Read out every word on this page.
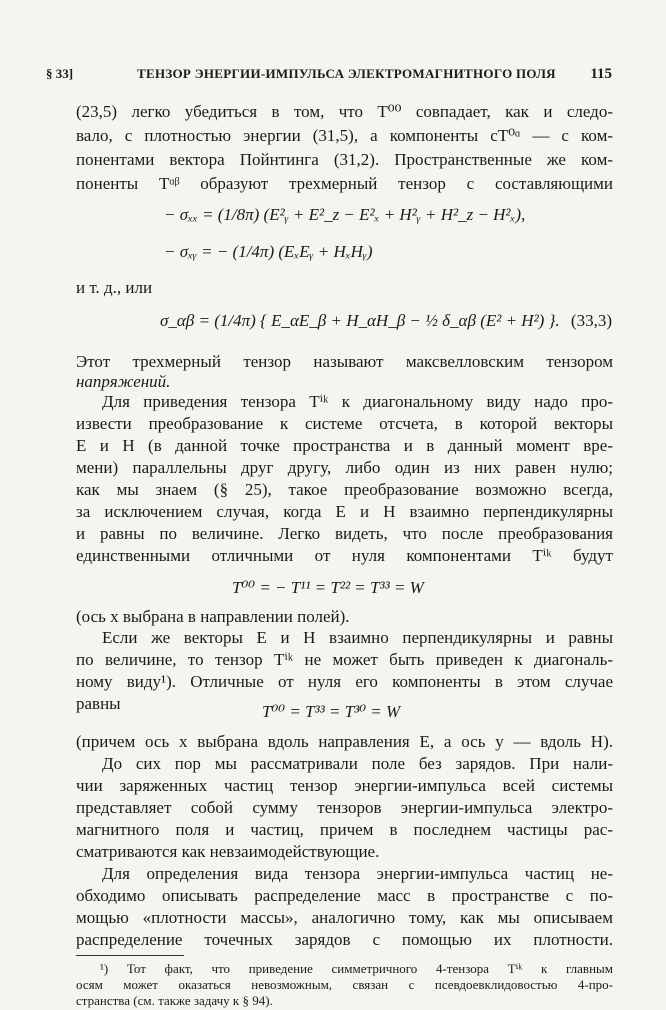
§ 33]	ТЕНЗОР ЭНЕРГИИ-ИМПУЛЬСА ЭЛЕКТРОМАГНИТНОГО ПОЛЯ 115
(23,5) легко убедиться в том, что T⁰⁰ совпадает, как и следо-
вало, с плотностью энергии (31,5), а компоненты cT⁰ᵅ — с ком-
понентами вектора Пойнтинга (31,2). Пространственные же ком-
поненты Tᵅᵝ образуют трехмерный тензор с составляющими
− σₓₓ = (1/8π) (E²ᵧ + E²_z − E²ₓ + H²ᵧ + H²_z − H²ₓ),
− σₓᵧ = − (1/4π) (EₓEᵧ + HₓHᵧ)
и т. д., или
σ_αβ = (1/4π) { E_αE_β + H_αH_β − ½ δ_αβ (E² + H²) }. (33,3)
Этот трехмерный тензор называют максвелловским тензором
напряжений.
Для приведения тензора Tⁱᵏ к диагональному виду надо про-
извести преобразование к системе отсчета, в которой векторы
E и H (в данной точке пространства и в данный момент вре-
мени) параллельны друг другу, либо один из них равен нулю;
как мы знаем (§ 25), такое преобразование возможно всегда,
за исключением случая, когда E и H взаимно перпендикулярны
и равны по величине. Легко видеть, что после преобразования
единственными отличными от нуля компонентами Tⁱᵏ будут
T⁰⁰ = − T¹¹ = T²² = T³³ = W
(ось x выбрана в направлении полей).
Если же векторы E и H взаимно перпендикулярны и равны
по величине, то тензор Tⁱᵏ не может быть приведен к диагональ-
ному виду¹). Отличные от нуля его компоненты в этом случае
равны	T⁰⁰ = T³³ = T³⁰ = W
(причем ось x выбрана вдоль направления E, а ось y — вдоль H).
До сих пор мы рассматривали поле без зарядов. При нали-
чии заряженных частиц тензор энергии-импульса всей системы
представляет собой сумму тензоров энергии-импульса электро-
магнитного поля и частиц, причем в последнем частицы рас-
сматриваются как невзаимодействующие.
Для определения вида тензора энергии-импульса частиц не-
обходимо описывать распределение масс в пространстве с по-
мощью «плотности массы», аналогично тому, как мы описываем
распределение точечных зарядов с помощью их плотности.
¹) Тот факт, что приведение симметричного 4-тензора Tⁱᵏ к главным
осям может оказаться невозможным, связан с псевдоевклидовостью 4-про-
странства (см. также задачу к § 94).
